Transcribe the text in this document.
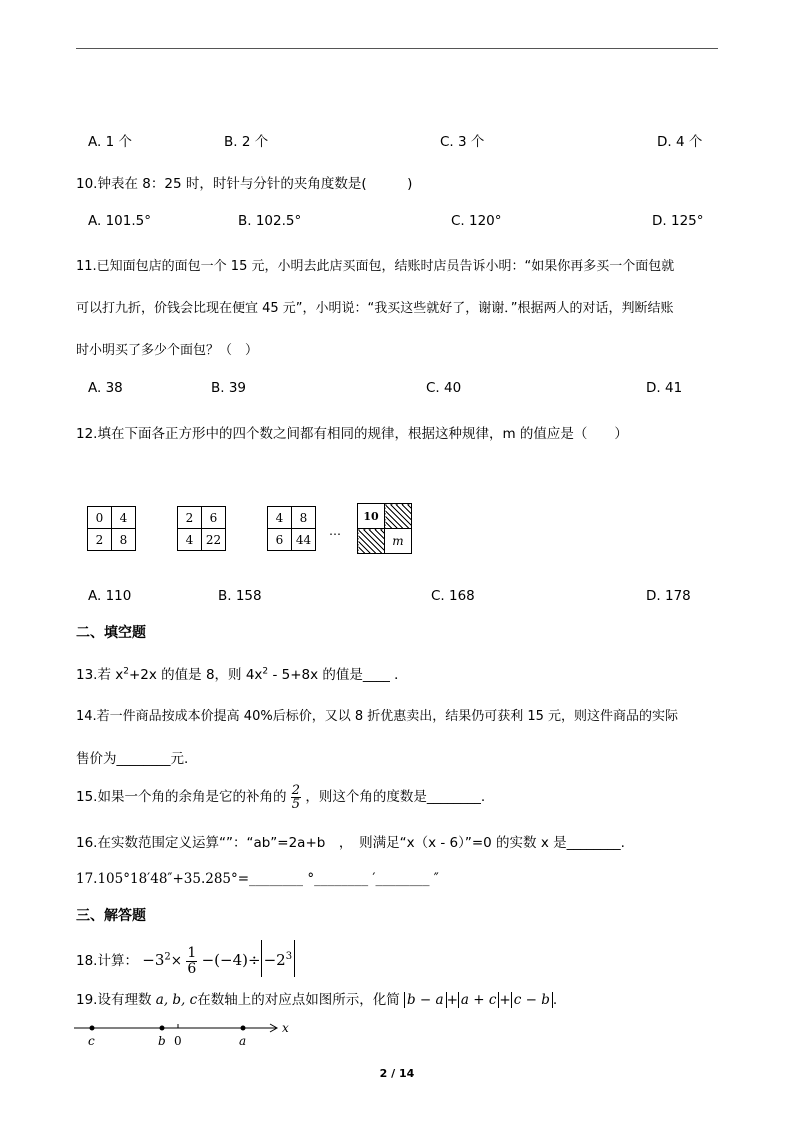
A. 1 个	B. 2 个	C. 3 个	D. 4 个
10.钟表在 8：25 时，时针与分针的夹角度数是(　　　)
A. 101.5°	B. 102.5°	C. 120°	D. 125°
11.已知面包店的面包一个 15 元，小明去此店买面包，结账时店员告诉小明：“如果你再多买一个面包就
可以打九折，价钱会比现在便宜 45 元”，小明说：“我买这些就好了，谢谢．”根据两人的对话，判断结账
时小明买了多少个面包？（　）
A. 38	B. 39	C. 40	D. 41
12.填在下面各正方形中的四个数之间都有相同的规律，根据这种规律，m 的值应是（　　）
0	4
2	8
2	6
4	22
4	8
6	44
…
10	
	m
A. 110	B. 158	C. 168	D. 178
二、填空题
13.若 $x^2+2x$ 的值是 8，则 $4x^2 - 5+8x$ 的值是____ ．
14.若一件商品按成本价提高 40%后标价，又以 8 折优惠卖出，结果仍可获利 15 元，则这件商品的实际
售价为________元.
15.如果一个角的余角是它的补角的 $\frac{2}{5}$ ，则这个角的度数是________.
16.在实数范围定义运算“”：“ab”=2a+b　，　则满足“x（x - 6）”=0 的实数 x 是________.
17.105°18′48″+35.285°=________ °________ ′________ ″
三、解答题
18.计算： $-3^2\times \frac{1}{6} -(-4)\div -2^3$
19.设有理数 a, b, c在数轴上的对应点如图所示，化简 b − a + a + c + c − b .
c	b 0	a
x
2 / 14
